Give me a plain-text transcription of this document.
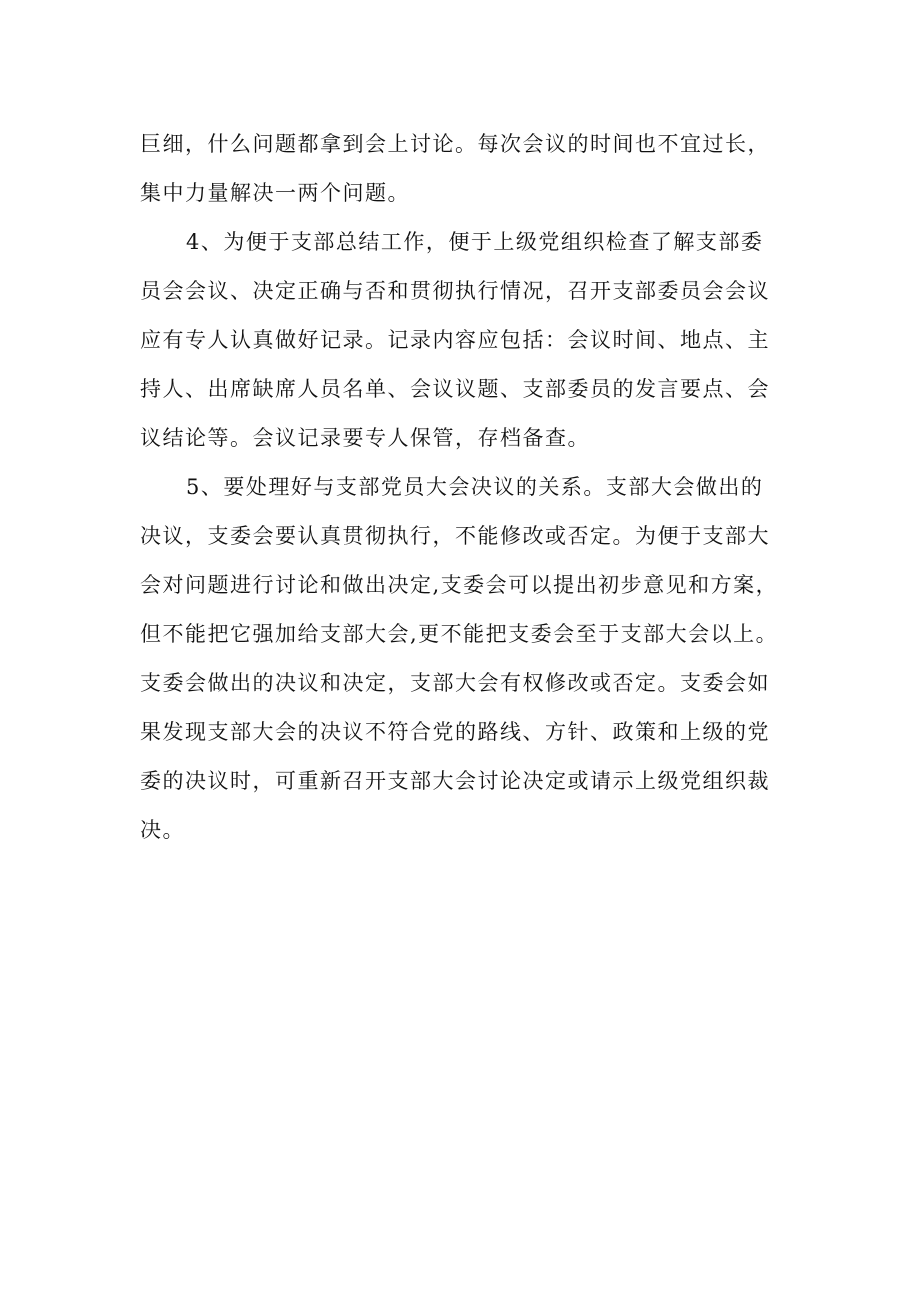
巨细，什么问题都拿到会上讨论。每次会议的时间也不宜过长，
集中力量解决一两个问题。
4、为便于支部总结工作，便于上级党组织检查了解支部委
员会会议、决定正确与否和贯彻执行情况，召开支部委员会会议
应有专人认真做好记录。记录内容应包括：会议时间、地点、主
持人、出席缺席人员名单、会议议题、支部委员的发言要点、会
议结论等。会议记录要专人保管，存档备查。
5、要处理好与支部党员大会决议的关系。支部大会做出的
决议，支委会要认真贯彻执行，不能修改或否定。为便于支部大
会对问题进行讨论和做出决定,支委会可以提出初步意见和方案，
但不能把它强加给支部大会,更不能把支委会至于支部大会以上。
支委会做出的决议和决定，支部大会有权修改或否定。支委会如
果发现支部大会的决议不符合党的路线、方针、政策和上级的党
委的决议时，可重新召开支部大会讨论决定或请示上级党组织裁
决。
